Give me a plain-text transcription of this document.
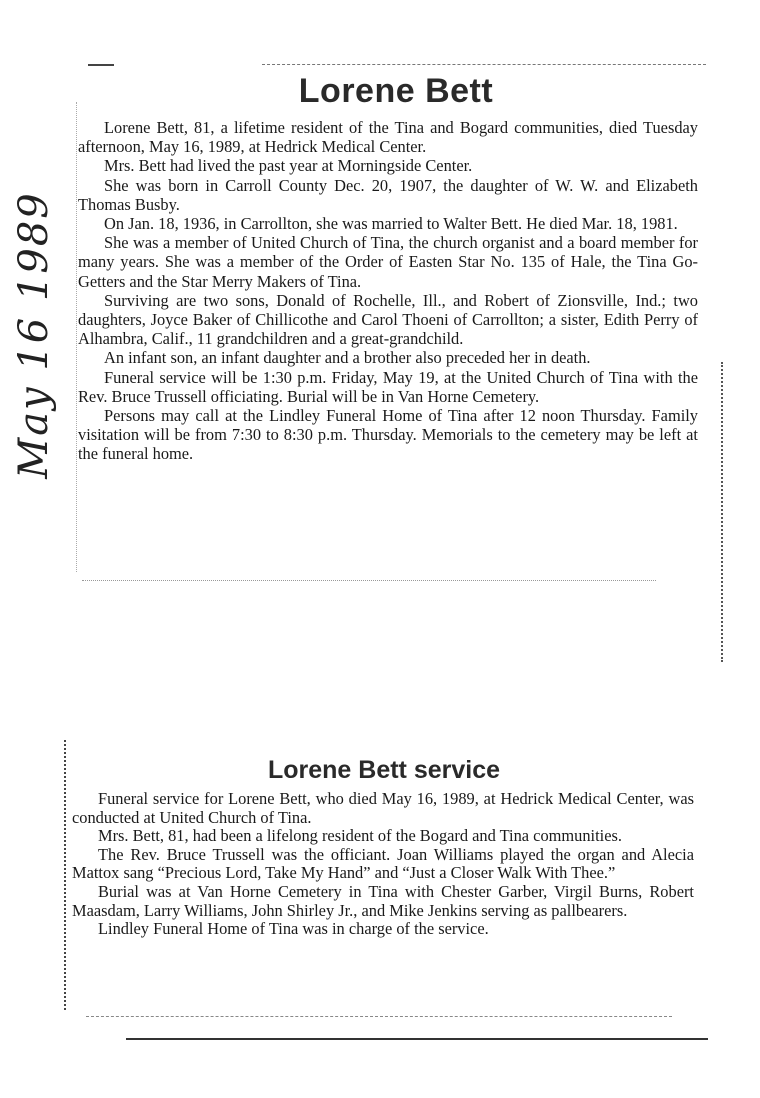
May 16 1989
Lorene Bett

Lorene Bett, 81, a lifetime resident of the Tina and Bogard communities, died Tuesday afternoon, May 16, 1989, at Hedrick Medical Center.

Mrs. Bett had lived the past year at Morningside Center.

She was born in Carroll County Dec. 20, 1907, the daughter of W. W. and Elizabeth Thomas Busby.

On Jan. 18, 1936, in Carrollton, she was married to Walter Bett. He died Mar. 18, 1981.

She was a member of United Church of Tina, the church organist and a board member for many years. She was a member of the Order of Easten Star No. 135 of Hale, the Tina Go-Getters and the Star Merry Makers of Tina.

Surviving are two sons, Donald of Rochelle, Ill., and Robert of Zionsville, Ind.; two daughters, Joyce Baker of Chillicothe and Carol Thoeni of Carrollton; a sister, Edith Perry of Alhambra, Calif., 11 grandchildren and a great-grandchild.

An infant son, an infant daughter and a brother also preceded her in death.

Funeral service will be 1:30 p.m. Friday, May 19, at the United Church of Tina with the Rev. Bruce Trussell officiating. Burial will be in Van Horne Cemetery.

Persons may call at the Lindley Funeral Home of Tina after 12 noon Thursday. Family visitation will be from 7:30 to 8:30 p.m. Thursday. Memorials to the cemetery may be left at the funeral home.

Lorene Bett service

Funeral service for Lorene Bett, who died May 16, 1989, at Hedrick Medical Center, was conducted at United Church of Tina.

Mrs. Bett, 81, had been a lifelong resident of the Bogard and Tina communities.

The Rev. Bruce Trussell was the officiant. Joan Williams played the organ and Alecia Mattox sang “Precious Lord, Take My Hand” and “Just a Closer Walk With Thee.”

Burial was at Van Horne Cemetery in Tina with Chester Garber, Virgil Burns, Robert Maasdam, Larry Williams, John Shirley Jr., and Mike Jenkins serving as pallbearers.

Lindley Funeral Home of Tina was in charge of the service.
